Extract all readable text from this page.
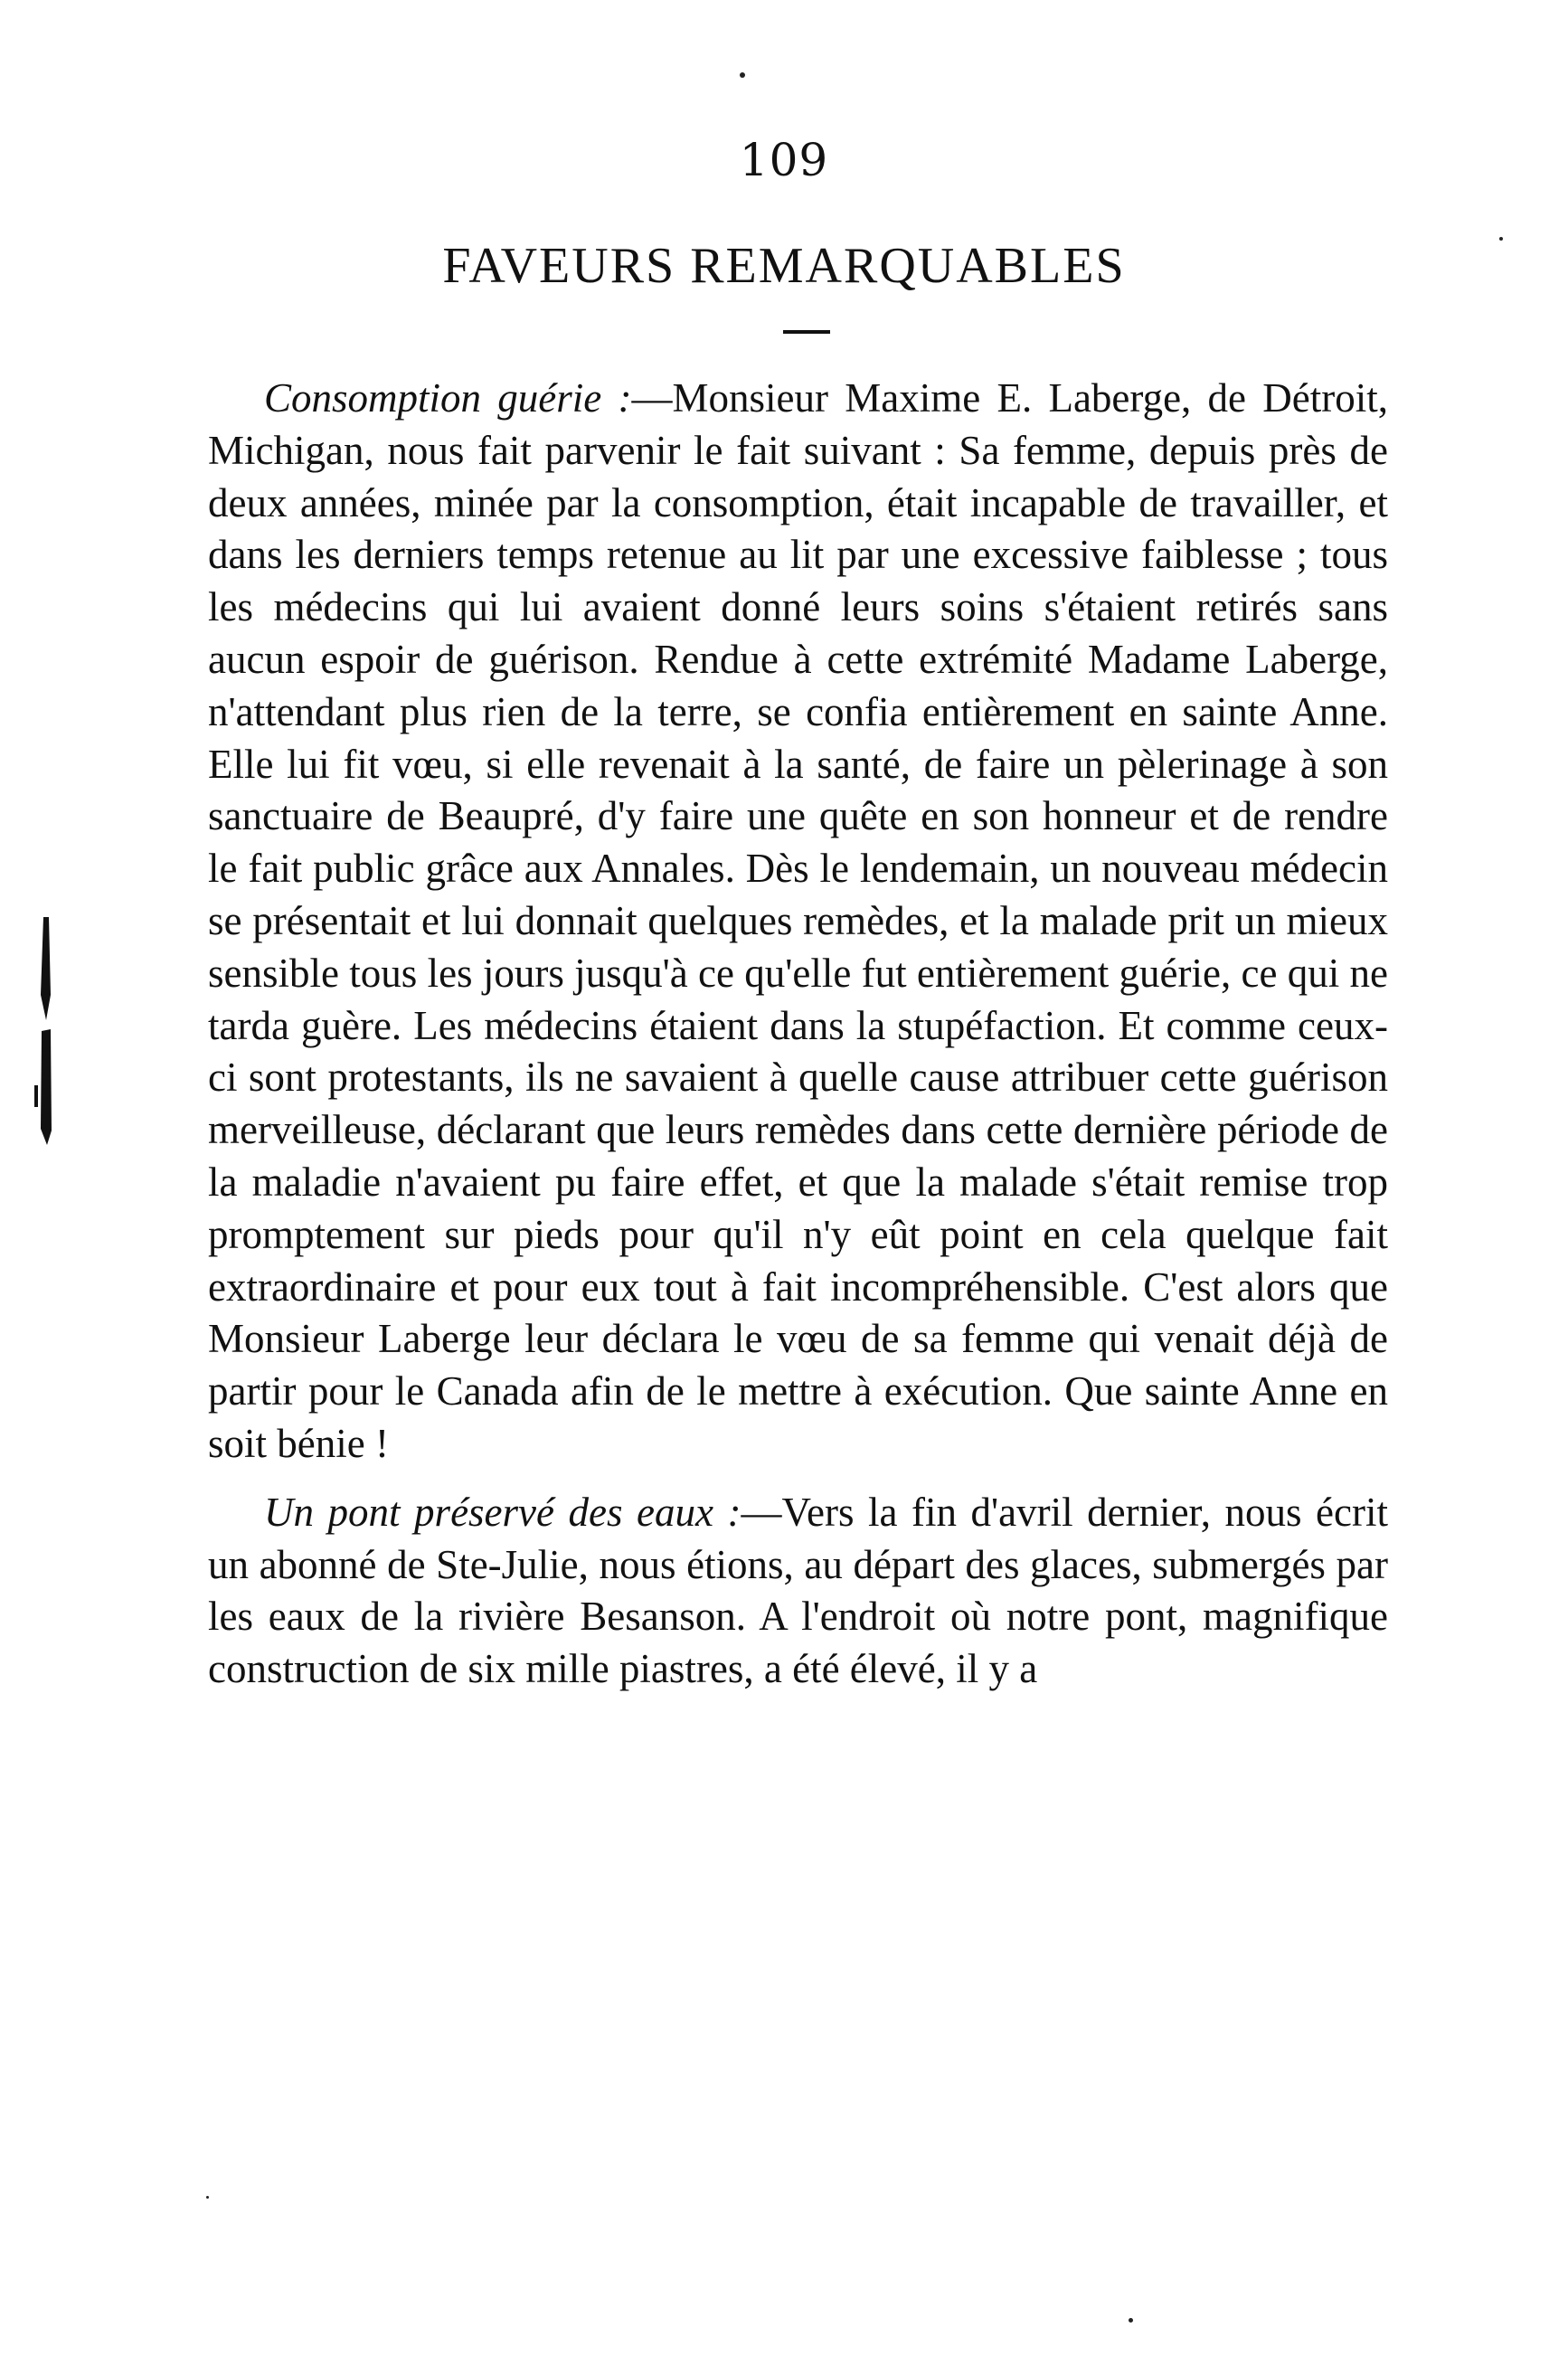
109
FAVEURS REMARQUABLES

Consomption guérie :—Monsieur Maxime E. Laberge, de Détroit, Michigan, nous fait parvenir le fait suivant : Sa femme, depuis près de deux années, minée par la consomption, était incapable de travailler, et dans les derniers temps retenue au lit par une excessive faiblesse ; tous les médecins qui lui avaient donné leurs soins s'étaient retirés sans aucun espoir de guérison. Rendue à cette extrémité Madame Laberge, n'attendant plus rien de la terre, se confia entièrement en sainte Anne. Elle lui fit vœu, si elle revenait à la santé, de faire un pèlerinage à son sanctuaire de Beaupré, d'y faire une quête en son honneur et de rendre le fait public grâce aux Annales. Dès le lendemain, un nouveau médecin se présentait et lui donnait quelques remèdes, et la malade prit un mieux sensible tous les jours jusqu'à ce qu'elle fut entièrement guérie, ce qui ne tarda guère. Les médecins étaient dans la stupéfaction. Et comme ceux-ci sont protestants, ils ne savaient à quelle cause attribuer cette guérison merveilleuse, déclarant que leurs remèdes dans cette dernière période de la maladie n'avaient pu faire effet, et que la malade s'était remise trop promptement sur pieds pour qu'il n'y eût point en cela quelque fait extraordinaire et pour eux tout à fait incompréhensible. C'est alors que Monsieur Laberge leur déclara le vœu de sa femme qui venait déjà de partir pour le Canada afin de le mettre à exécution. Que sainte Anne en soit bénie !

Un pont préservé des eaux :—Vers la fin d'avril dernier, nous écrit un abonné de Ste-Julie, nous étions, au départ des glaces, submergés par les eaux de la rivière Besanson. A l'endroit où notre pont, magnifique construction de six mille piastres, a été élevé, il y a
